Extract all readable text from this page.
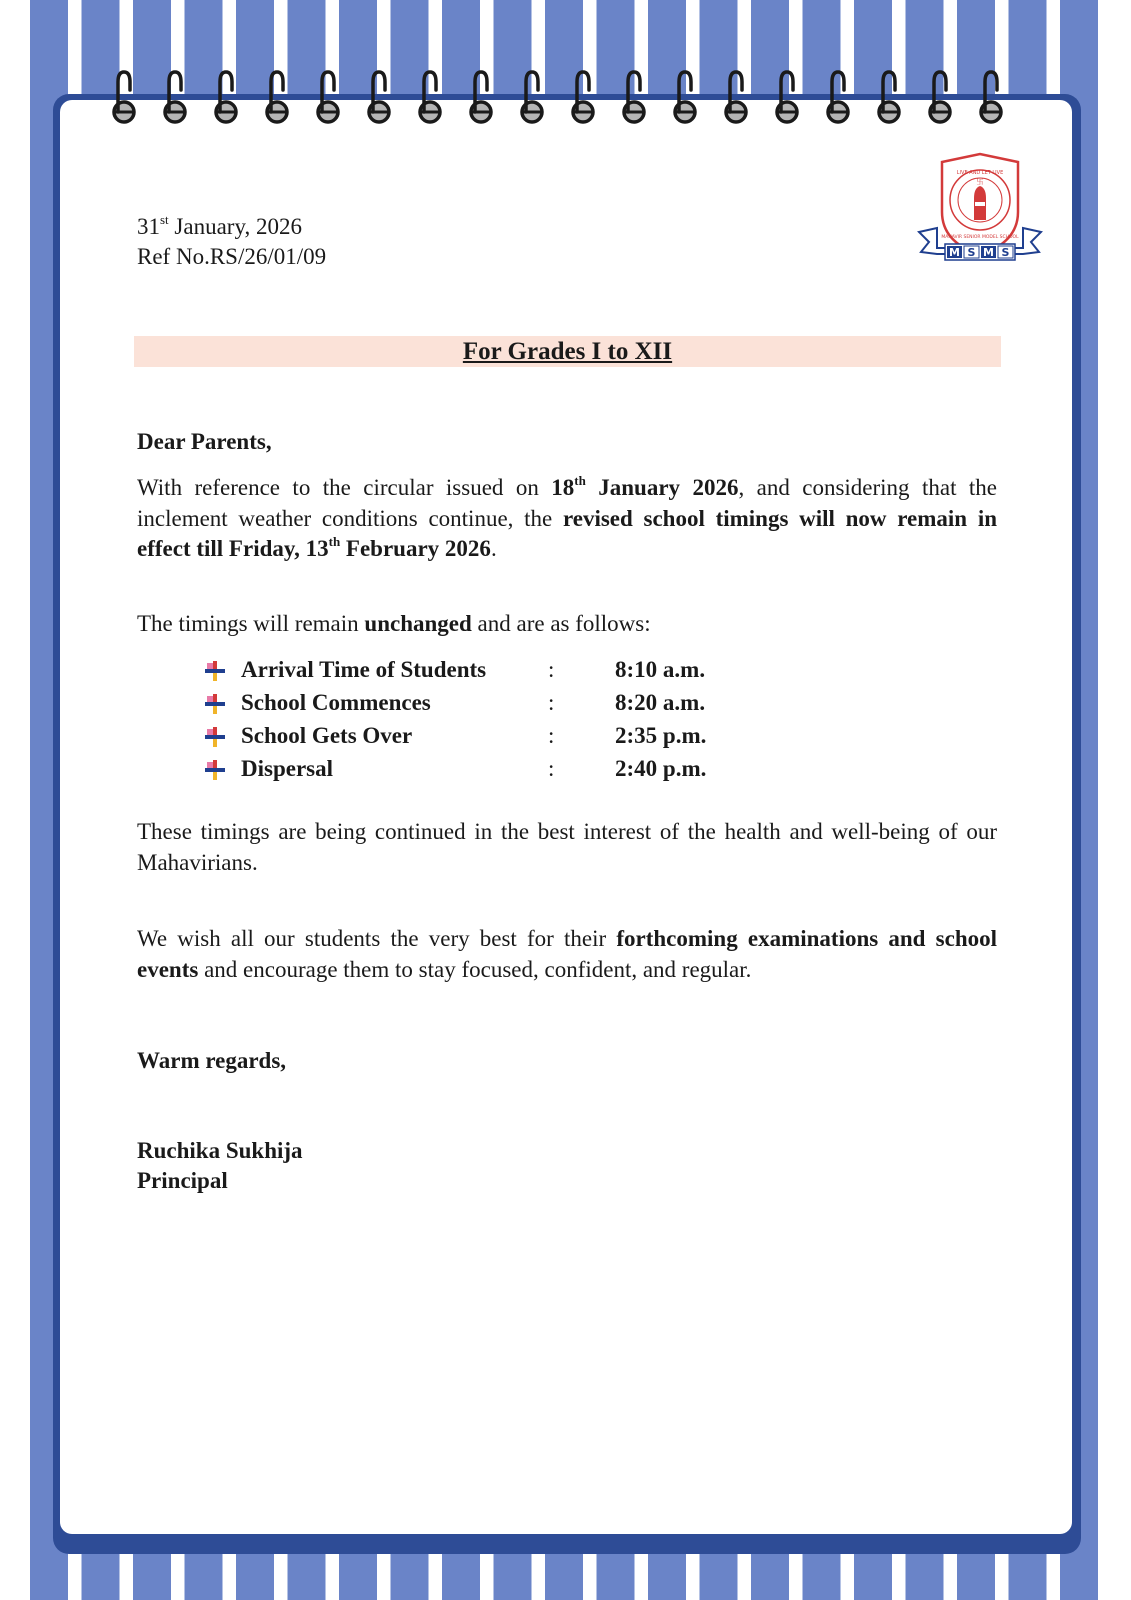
卐
LIVE AND LET LIVE
M S M S
MAHAVIR SENIOR MODEL SCHOOL
31st January, 2026
Ref No.RS/26/01/09
For Grades I to XII
Dear Parents,
With reference to the circular issued on 18th January 2026, and considering that the inclement weather conditions continue, the revised school timings will now remain in effect till Friday, 13th February 2026.
The timings will remain unchanged and are as follows:
Arrival Time of Students	:	8:10 a.m.
School Commences	:	8:20 a.m.
School Gets Over	:	2:35 p.m.
Dispersal	:	2:40 p.m.
These timings are being continued in the best interest of the health and well-being of our Mahavirians.
We wish all our students the very best for their forthcoming examinations and school events and encourage them to stay focused, confident, and regular.
Warm regards,
Ruchika Sukhija
Principal
